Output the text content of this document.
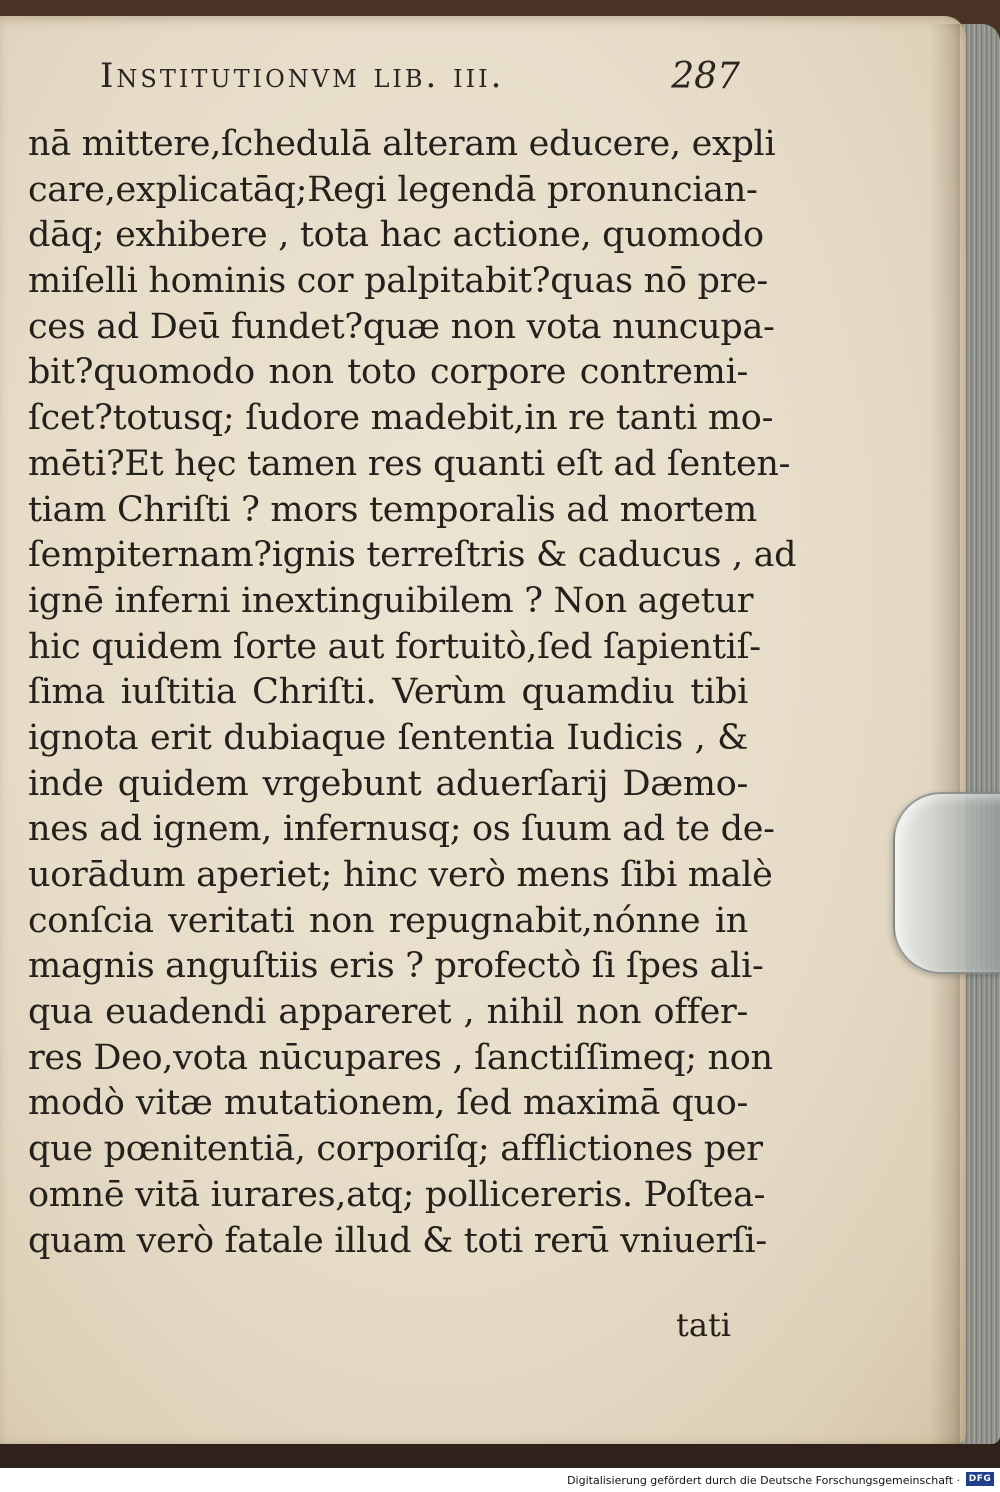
Institutionvm lib. iii.	287
nā mittere,ſchedulā alteram educere, expli
care,explicatāq;Regi legendā pronuncian-
dāq; exhibere , tota hac actione, quomodo
miſelli hominis cor palpitabit?quas nō pre-
ces ad Deū fundet?quæ non vota nuncupa-
bit?quomodo non toto corpore contremi-
ſcet?totusq; ſudore madebit,in re tanti mo-
mēti?Et hęc tamen res quanti eſt ad ſenten-
tiam Chriſti ? mors temporalis ad mortem
ſempiternam?ignis terreſtris & caducus , ad
ignē inferni inextinguibilem ? Non agetur
hic quidem ſorte aut fortuitò,ſed ſapientiſ-
ſima iuſtitia Chriſti. Verùm quamdiu tibi
ignota erit dubiaque ſententia Iudicis , &
inde quidem vrgebunt aduerſarij Dæmo-
nes ad ignem, infernusq; os ſuum ad te de-
uorādum aperiet; hinc verò mens ſibi malè
conſcia veritati non repugnabit,nónne in
magnis anguſtiis eris ? profectò ſi ſpes ali-
qua euadendi appareret , nihil non offer-
res Deo,vota nūcupares , ſanctiſſimeq; non
modò vitæ mutationem, ſed maximā quo-
que pœnitentiā, corporiſq; afflictiones per
omnē vitā iurares,atq; pollicereris. Poſtea-
quam verò fatale illud & toti rerū vniuerſi-
tati
Digitalisierung gefördert durch die Deutsche Forschungsgemeinschaft · DFG
